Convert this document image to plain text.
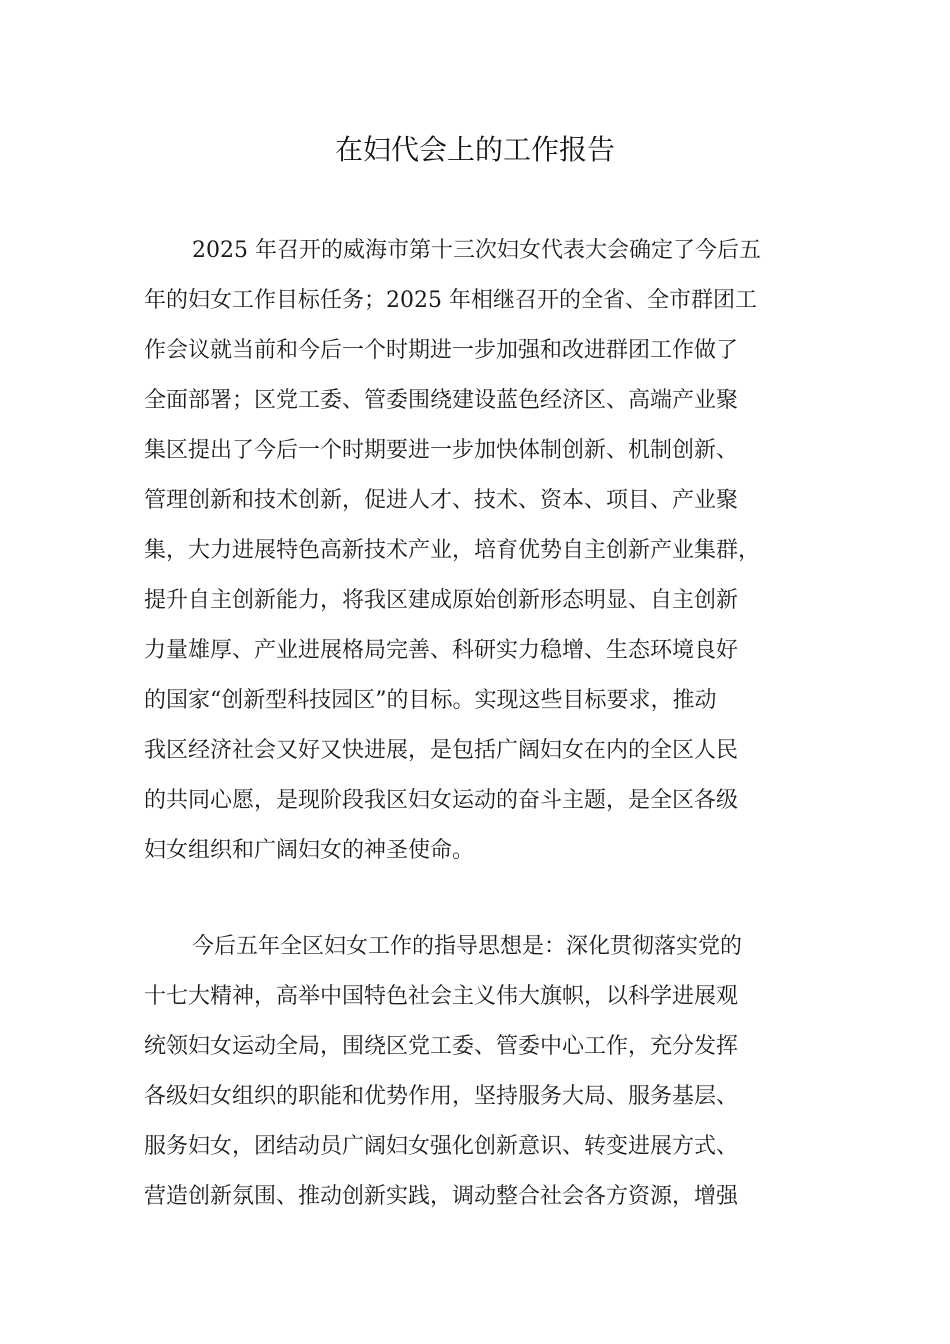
在妇代会上的工作报告
2025 年召开的威海市第十三次妇女代表大会确定了今后五
年的妇女工作目标任务；2025 年相继召开的全省、全市群团工
作会议就当前和今后一个时期进一步加强和改进群团工作做了
全面部署；区党工委、管委围绕建设蓝色经济区、高端产业聚
集区提出了今后一个时期要进一步加快体制创新、机制创新、
管理创新和技术创新，促进人才、技术、资本、项目、产业聚
集，大力进展特色高新技术产业，培育优势自主创新产业集群，
提升自主创新能力，将我区建成原始创新形态明显、自主创新
力量雄厚、产业进展格局完善、科研实力稳增、生态环境良好
的国家“创新型科技园区”的目标。实现这些目标要求，推动
我区经济社会又好又快进展，是包括广阔妇女在内的全区人民
的共同心愿，是现阶段我区妇女运动的奋斗主题，是全区各级
妇女组织和广阔妇女的神圣使命。
今后五年全区妇女工作的指导思想是：深化贯彻落实党的
十七大精神，高举中国特色社会主义伟大旗帜，以科学进展观
统领妇女运动全局，围绕区党工委、管委中心工作，充分发挥
各级妇女组织的职能和优势作用，坚持服务大局、服务基层、
服务妇女，团结动员广阔妇女强化创新意识、转变进展方式、
营造创新氛围、推动创新实践，调动整合社会各方资源，增强
